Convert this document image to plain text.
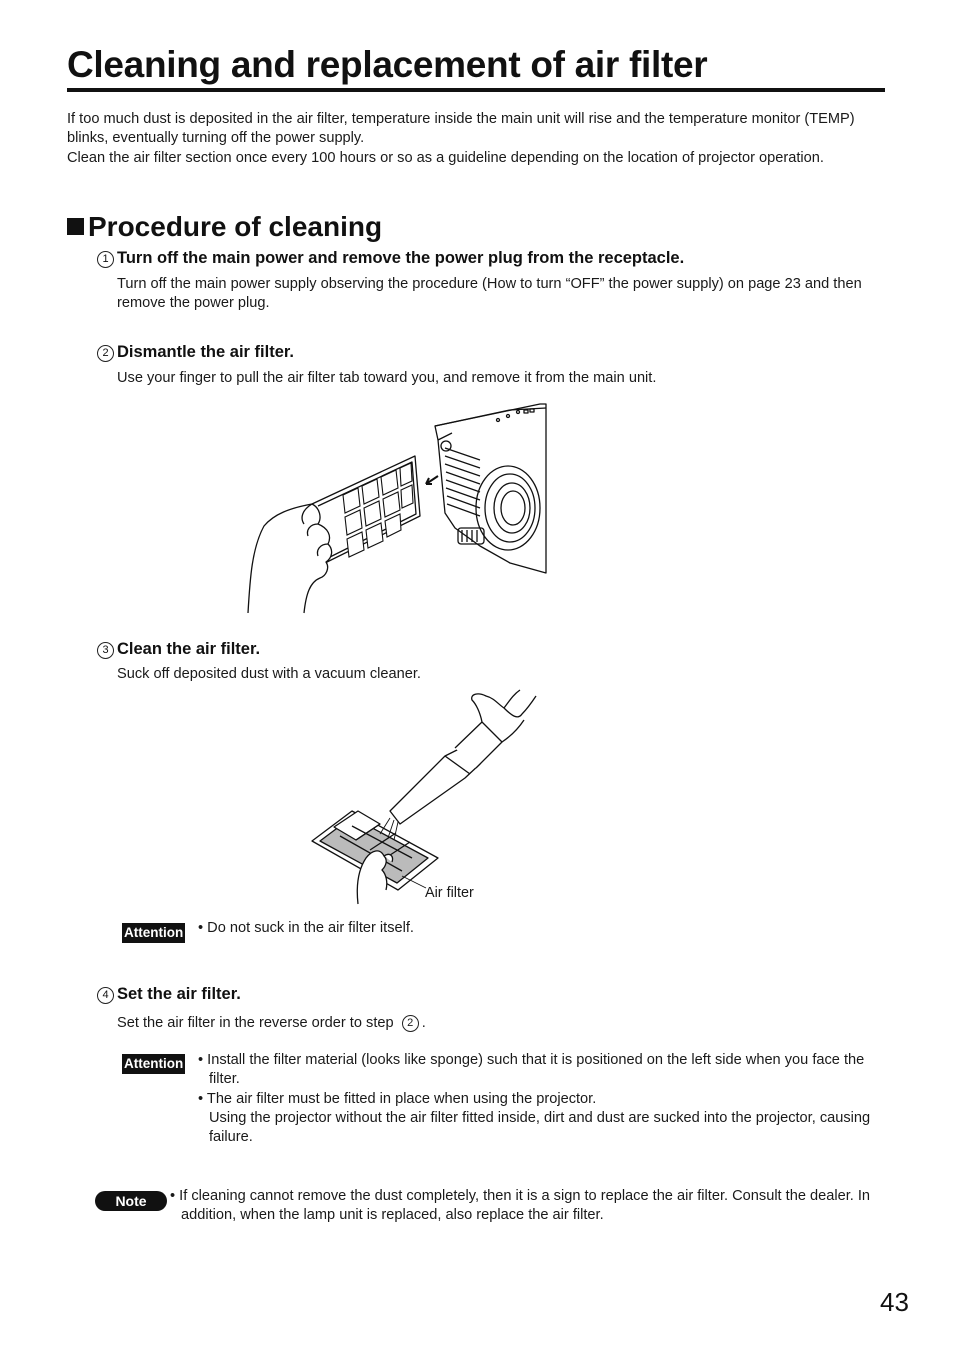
Cleaning and replacement of air filter

If too much dust is deposited in the air filter, temperature inside the main unit will rise and the temperature monitor (TEMP) blinks, eventually turning off the power supply.

Clean the air filter section once every 100 hours or so as a guideline depending on the location of projector operation.

Procedure of cleaning
1 Turn off the main power and remove the power plug from the receptacle.

Turn off the main power supply observing the procedure (How to turn “OFF” the power supply) on page 23 and then remove the power plug.

2 Dismantle the air filter.

Use your finger to pull the air filter tab toward you, and remove it from the main unit.

3 Clean the air filter.

Suck off deposited dust with a vacuum cleaner.

Air filter
Attention • Do not suck in the air filter itself.

4 Set the air filter.

Set the air filter in the reverse order to step 2 .

Attention • Install the filter material (looks like sponge) such that it is positioned on the left side when you face the filter.

• The air filter must be fitted in place when using the projector.

Using the projector without the air filter fitted inside, dirt and dust are sucked into the projector, causing failure.

Note	• If cleaning cannot remove the dust completely, then it is a sign to replace the air filter. Consult the dealer. In addition, when the lamp unit is replaced, also replace the air filter.
43
